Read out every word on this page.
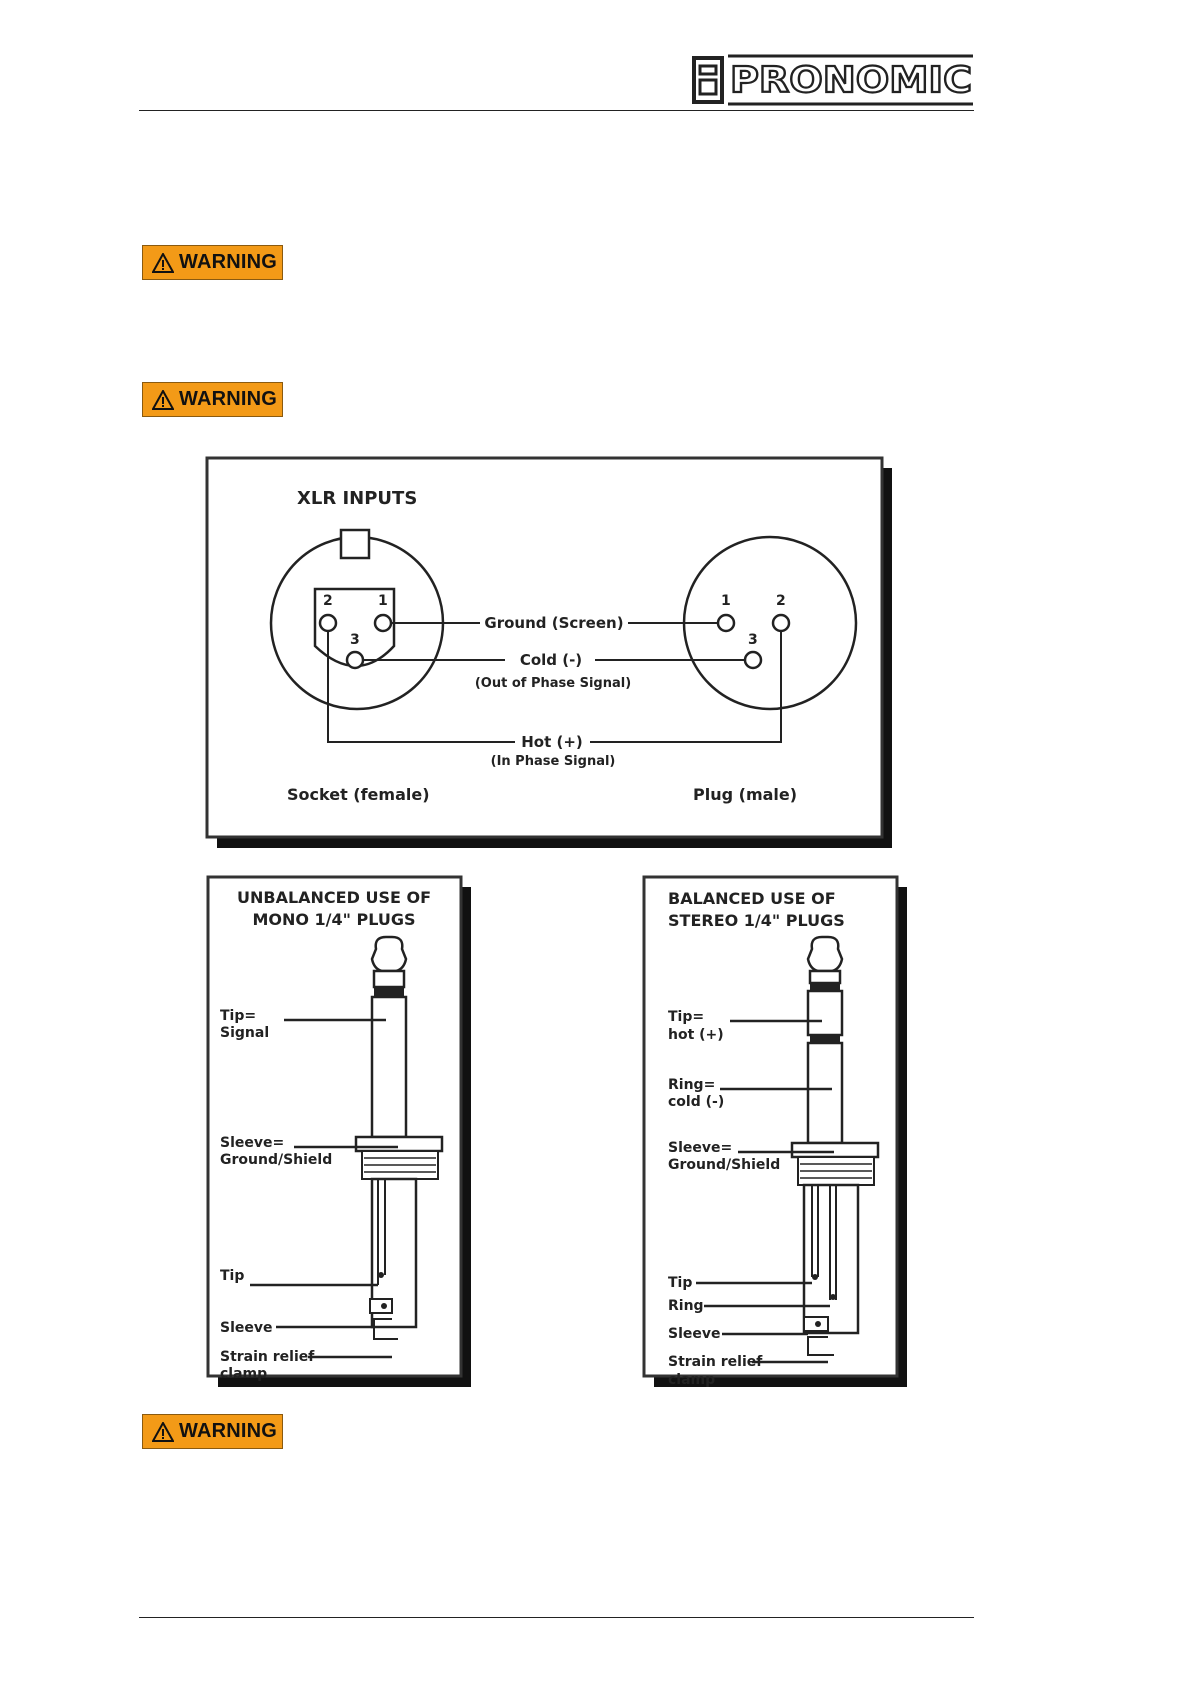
PRONOMIC
WARNING
WARNING
WARNING
XLR INPUTS
2	1
3
1	2
3
Ground (Screen)
Cold (-)
(Out of Phase Signal)
Hot (+)
(In Phase Signal)
Socket (female)	Plug (male)
UNBALANCED USE OF
MONO 1/4" PLUGS
Tip=
Signal
Sleeve=
Ground/Shield
Tip
Sleeve
Strain relief
clamp
BALANCED USE OF
STEREO 1/4" PLUGS
Tip=
hot (+)
Ring=
cold (-)
Sleeve=
Ground/Shield
Tip
Ring
Sleeve
Strain relief
clamp
